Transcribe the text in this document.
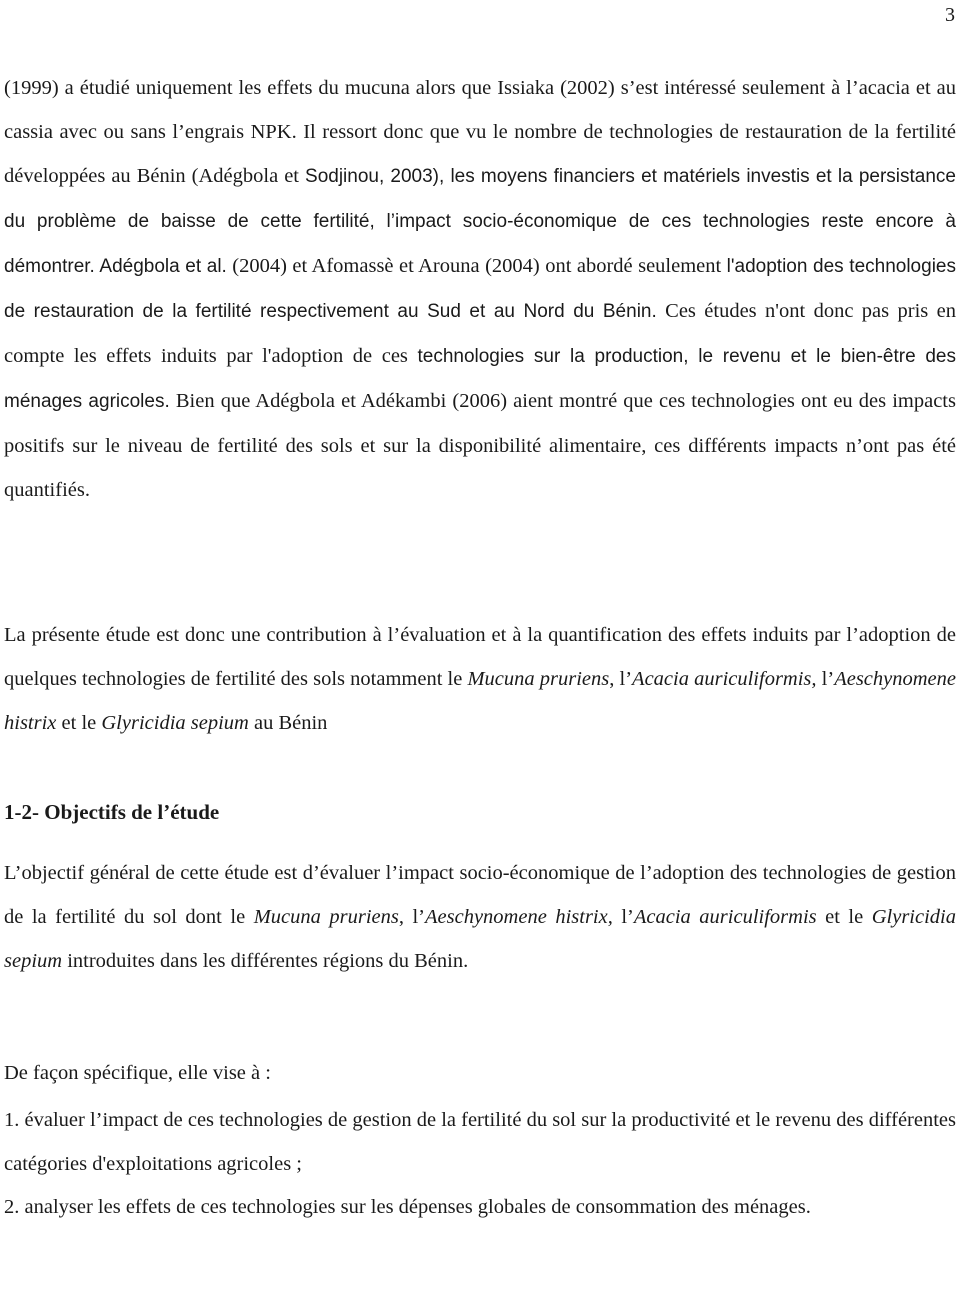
3

(1999) a étudié uniquement les effets du mucuna alors que Issiaka (2002) s’est intéressé seulement à l’acacia et au cassia avec ou sans l’engrais NPK. Il ressort donc que vu le nombre de technologies de restauration de la fertilité développées au Bénin (Adégbola et Sodjinou, 2003), les moyens financiers et matériels investis et la persistance du problème de baisse de cette fertilité, l’impact socio-économique de ces technologies reste encore à démontrer. Adégbola et al. (2004) et Afomassè et Arouna (2004) ont abordé seulement l'adoption des technologies de restauration de la fertilité respectivement au Sud et au Nord du Bénin. Ces études n'ont donc pas pris en compte les effets induits par l'adoption de ces technologies sur la production, le revenu et le bien-être des ménages agricoles. Bien que Adégbola et Adékambi (2006) aient montré que ces technologies ont eu des impacts positifs sur le niveau de fertilité des sols et sur la disponibilité alimentaire, ces différents impacts n’ont pas été quantifiés.

La présente étude est donc une contribution à l’évaluation et à la quantification des effets induits par l’adoption de quelques technologies de fertilité des sols notamment le Mucuna pruriens, l’Acacia auriculiformis, l’Aeschynomene histrix et le Glyricidia sepium au Bénin

1-2- Objectifs de l’étude

L’objectif général de cette étude est d’évaluer l’impact socio-économique de l’adoption des technologies de gestion de la fertilité du sol dont le Mucuna pruriens, l’Aeschynomene histrix, l’Acacia auriculiformis et le Glyricidia sepium introduites dans les différentes régions du Bénin.

De façon spécifique, elle vise à :

1. évaluer l’impact de ces technologies de gestion de la fertilité du sol sur la productivité et le revenu des différentes catégories d'exploitations agricoles ;

2. analyser les effets de ces technologies sur les dépenses globales de consommation des ménages.
